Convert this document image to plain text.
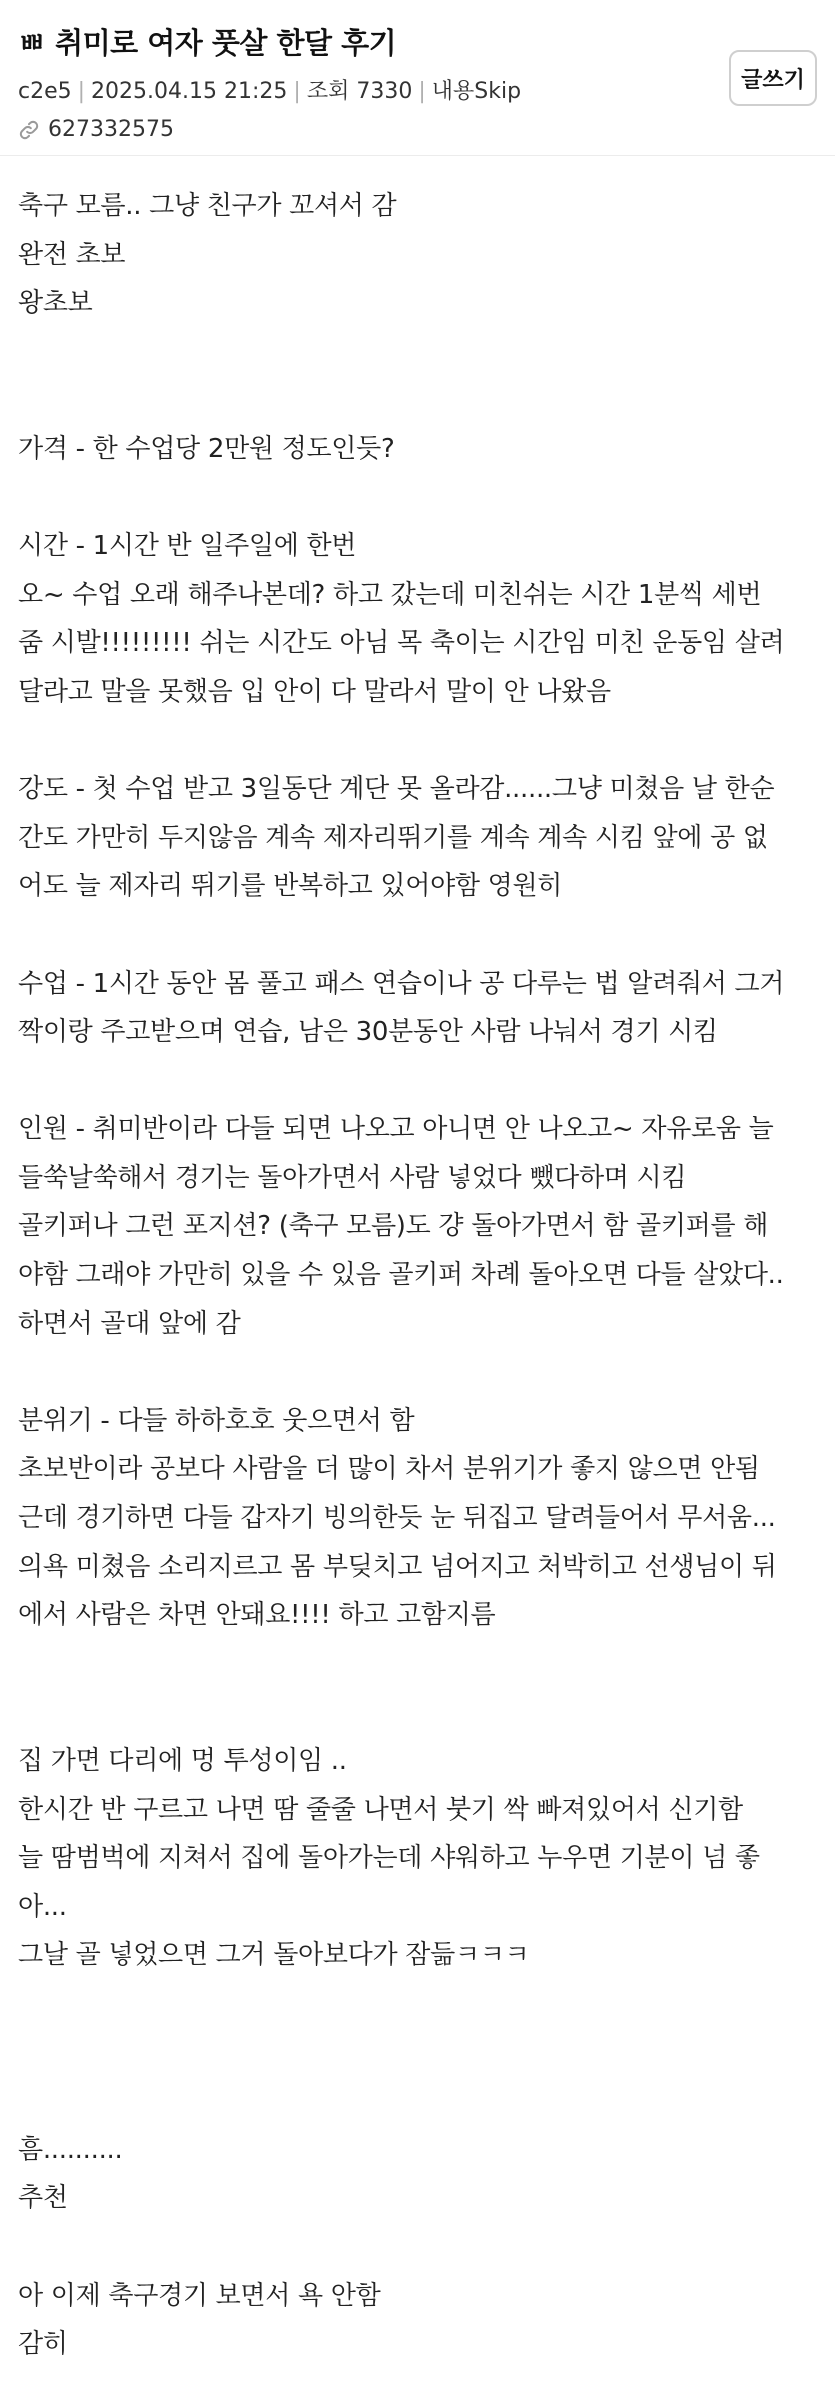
ㅃ 취미로 여자 풋살 한달 후기
c2e5 | 2025.04.15 21:25 | 조회 7330 | 내용Skip
627332575
글쓰기
축구 모름.. 그냥 친구가 꼬셔서 감
완전 초보
왕초보
가격 - 한 수업당 2만원 정도인듯?
시간 - 1시간 반 일주일에 한번
오~ 수업 오래 해주나본데? 하고 갔는데 미친쉬는 시간 1분씩 세번
줌 시발!!!!!!!!! 쉬는 시간도 아님 목 축이는 시간임 미친 운동임 살려
달라고 말을 못했음 입 안이 다 말라서 말이 안 나왔음
강도 - 첫 수업 받고 3일동단 계단 못 올라감......그냥 미쳤음 날 한순
간도 가만히 두지않음 계속 제자리뛰기를 계속 계속 시킴 앞에 공 없
어도 늘 제자리 뛰기를 반복하고 있어야함 영원히
수업 - 1시간 동안 몸 풀고 패스 연습이나 공 다루는 법 알려줘서 그거
짝이랑 주고받으며 연습, 남은 30분동안 사람 나눠서 경기 시킴
인원 - 취미반이라 다들 되면 나오고 아니면 안 나오고~ 자유로움 늘
들쑥날쑥해서 경기는 돌아가면서 사람 넣었다 뺐다하며 시킴
골키퍼나 그런 포지션? (축구 모름)도 걍 돌아가면서 함 골키퍼를 해
야함 그래야 가만히 있을 수 있음 골키퍼 차례 돌아오면 다들 살았다..
하면서 골대 앞에 감
분위기 - 다들 하하호호 웃으면서 함
초보반이라 공보다 사람을 더 많이 차서 분위기가 좋지 않으면 안됨
근데 경기하면 다들 갑자기 빙의한듯 눈 뒤집고 달려들어서 무서움...
의욕 미쳤음 소리지르고 몸 부딪치고 넘어지고 처박히고 선생님이 뒤
에서 사람은 차면 안돼요!!!! 하고 고함지름
집 가면 다리에 멍 투성이임 ..
한시간 반 구르고 나면 땀 줄줄 나면서 붓기 싹 빠져있어서 신기함
늘 땀범벅에 지쳐서 집에 돌아가는데 샤워하고 누우면 기분이 넘 좋
아...
그날 골 넣었으면 그거 돌아보다가 잠듦ㅋㅋㅋ
흠..........
추천
아 이제 축구경기 보면서 욕 안함
감히
